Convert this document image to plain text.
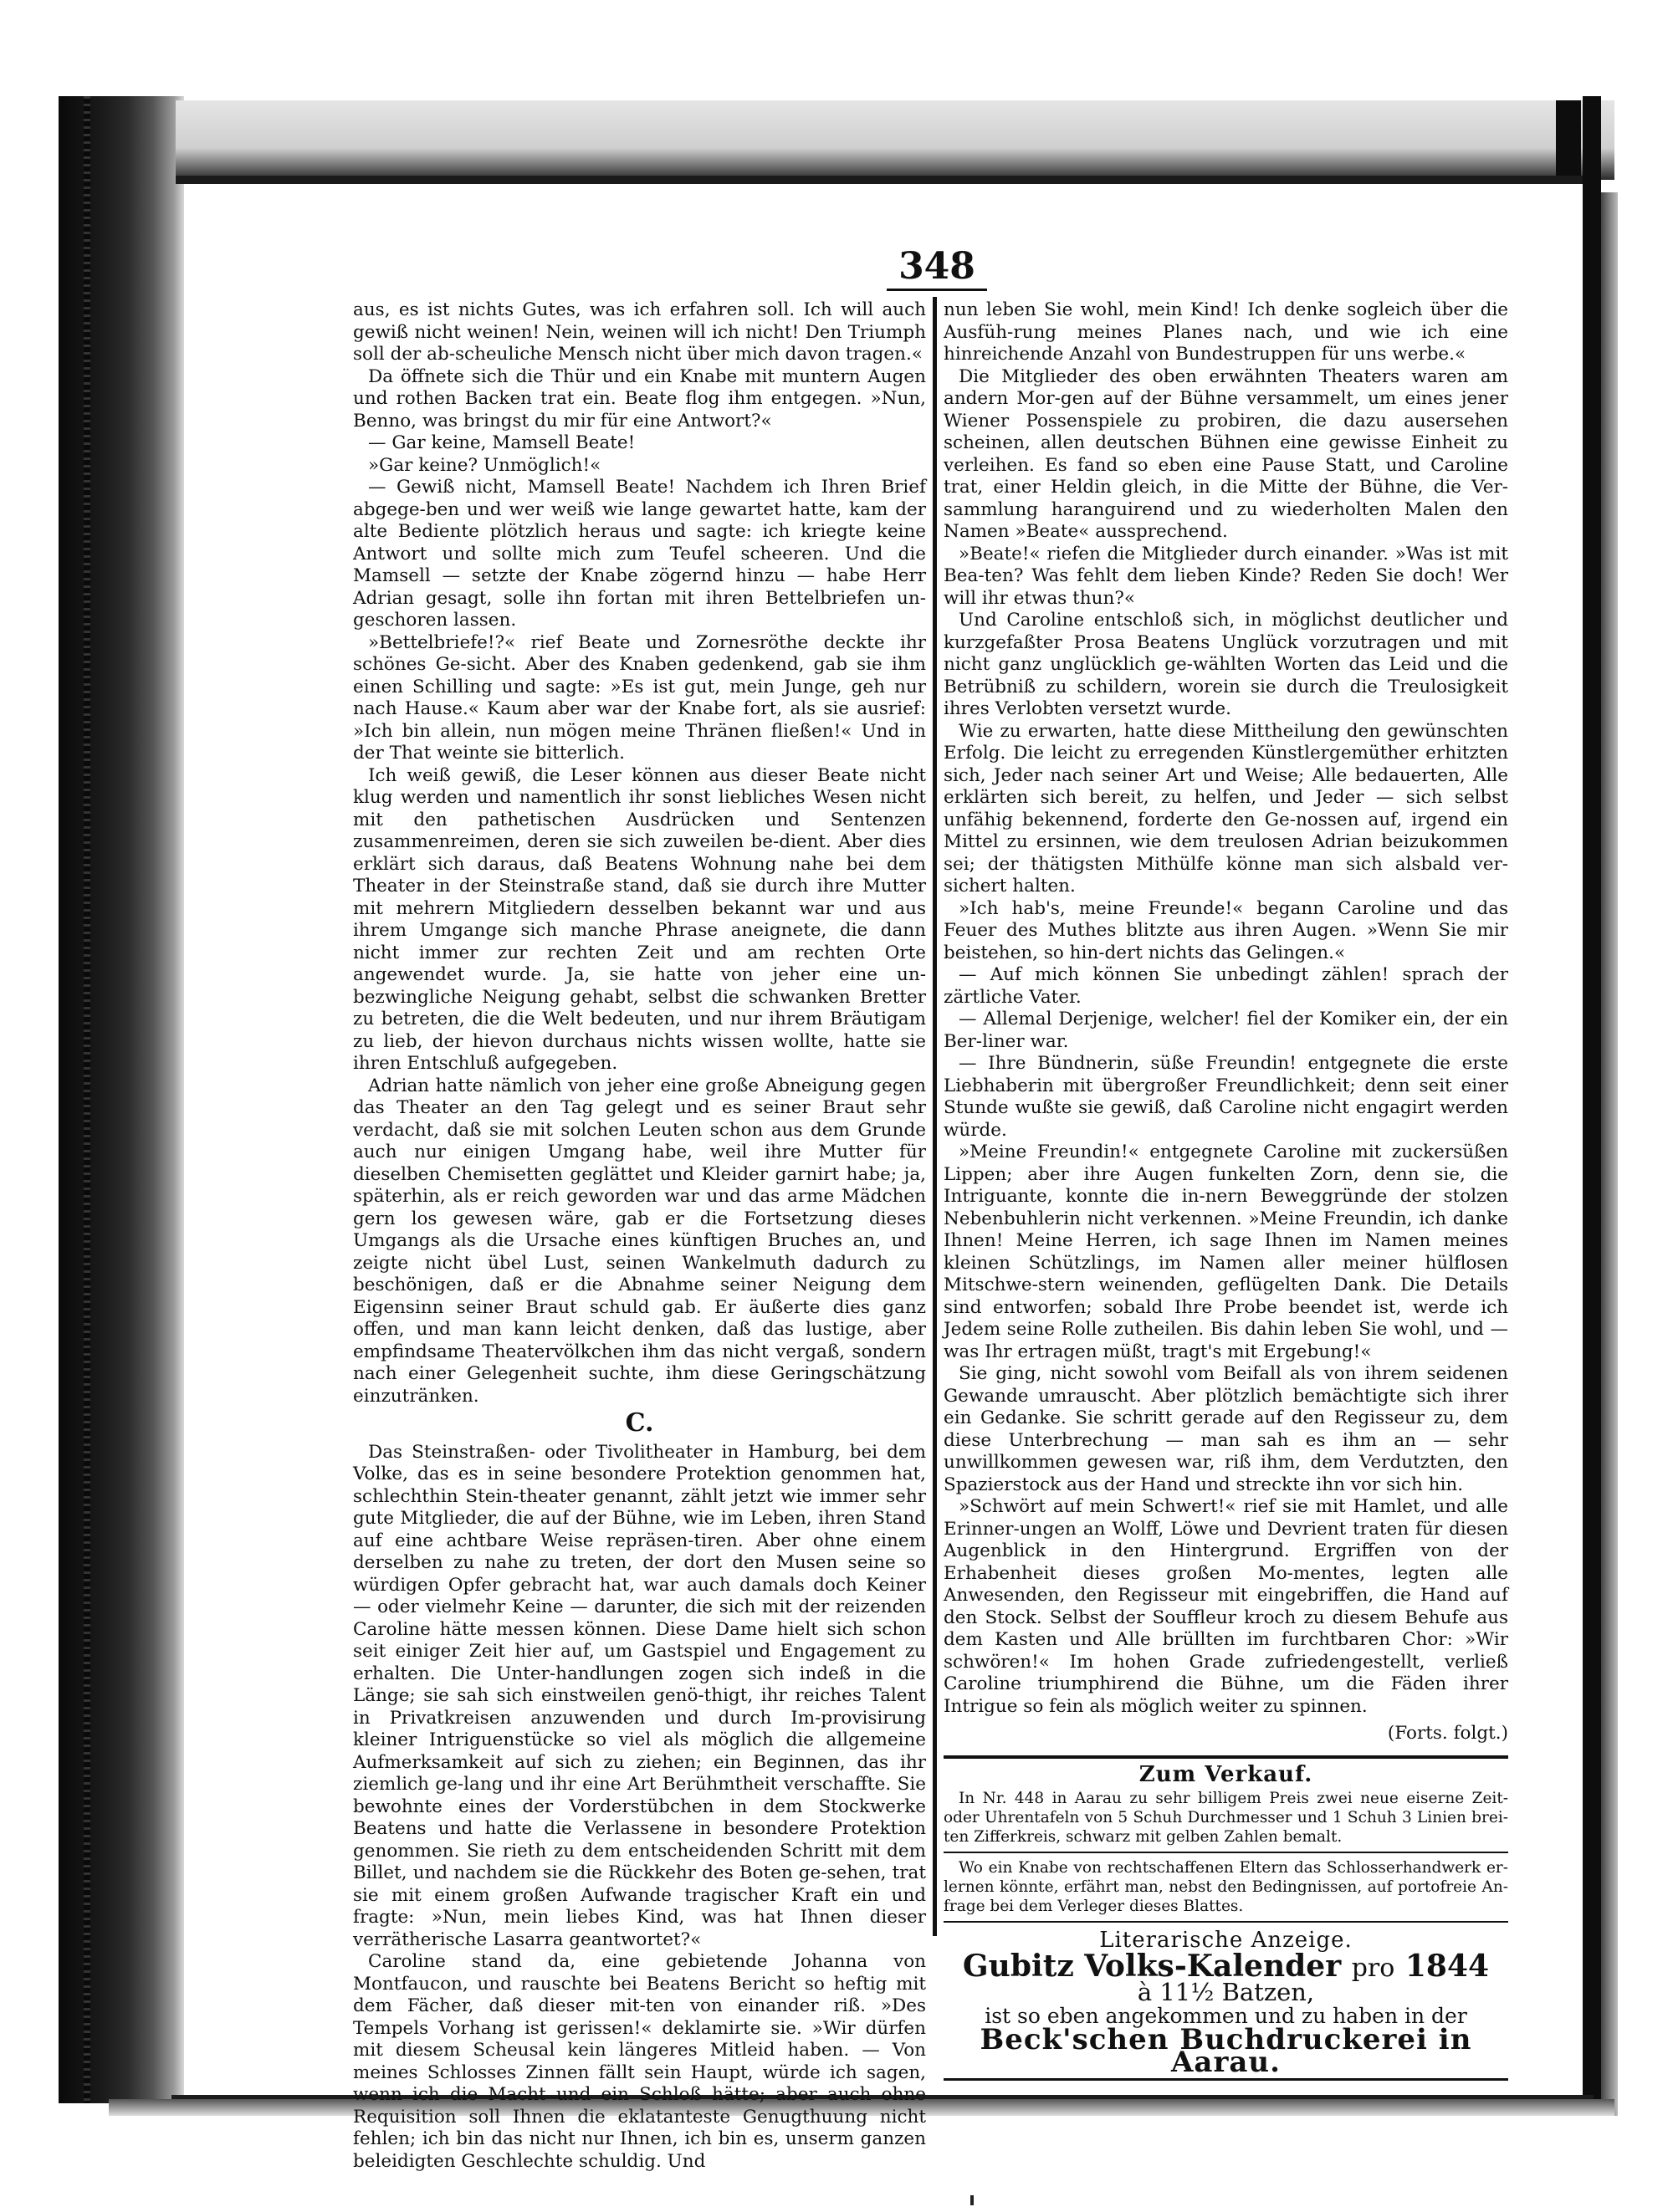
348

aus, es ist nichts Gutes, was ich erfahren soll. Ich will auch gewiß nicht weinen! Nein, weinen will ich nicht! Den Triumph soll der ab-scheuliche Mensch nicht über mich davon tragen.«

Da öffnete sich die Thür und ein Knabe mit muntern Augen und rothen Backen trat ein. Beate flog ihm entgegen. »Nun, Benno, was bringst du mir für eine Antwort?«

— Gar keine, Mamsell Beate!

»Gar keine? Unmöglich!«

— Gewiß nicht, Mamsell Beate! Nachdem ich Ihren Brief abgege-ben und wer weiß wie lange gewartet hatte, kam der alte Bediente plötzlich heraus und sagte: ich kriegte keine Antwort und sollte mich zum Teufel scheeren. Und die Mamsell — setzte der Knabe zögernd hinzu — habe Herr Adrian gesagt, solle ihn fortan mit ihren Bettelbriefen un-geschoren lassen.

»Bettelbriefe!?« rief Beate und Zornesröthe deckte ihr schönes Ge-sicht. Aber des Knaben gedenkend, gab sie ihm einen Schilling und sagte: »Es ist gut, mein Junge, geh nur nach Hause.« Kaum aber war der Knabe fort, als sie ausrief: »Ich bin allein, nun mögen meine Thränen fließen!« Und in der That weinte sie bitterlich.

Ich weiß gewiß, die Leser können aus dieser Beate nicht klug werden und namentlich ihr sonst liebliches Wesen nicht mit den pathetischen Ausdrücken und Sentenzen zusammenreimen, deren sie sich zuweilen be-dient. Aber dies erklärt sich daraus, daß Beatens Wohnung nahe bei dem Theater in der Steinstraße stand, daß sie durch ihre Mutter mit mehrern Mitgliedern desselben bekannt war und aus ihrem Umgange sich manche Phrase aneignete, die dann nicht immer zur rechten Zeit und am rechten Orte angewendet wurde. Ja, sie hatte von jeher eine un-bezwingliche Neigung gehabt, selbst die schwanken Bretter zu betreten, die die Welt bedeuten, und nur ihrem Bräutigam zu lieb, der hievon durchaus nichts wissen wollte, hatte sie ihren Entschluß aufgegeben.

Adrian hatte nämlich von jeher eine große Abneigung gegen das Theater an den Tag gelegt und es seiner Braut sehr verdacht, daß sie mit solchen Leuten schon aus dem Grunde auch nur einigen Umgang habe, weil ihre Mutter für dieselben Chemisetten geglättet und Kleider garnirt habe; ja, späterhin, als er reich geworden war und das arme Mädchen gern los gewesen wäre, gab er die Fortsetzung dieses Umgangs als die Ursache eines künftigen Bruches an, und zeigte nicht übel Lust, seinen Wankelmuth dadurch zu beschönigen, daß er die Abnahme seiner Neigung dem Eigensinn seiner Braut schuld gab. Er äußerte dies ganz offen, und man kann leicht denken, daß das lustige, aber empfindsame Theatervölkchen ihm das nicht vergaß, sondern nach einer Gelegenheit suchte, ihm diese Geringschätzung einzutränken.

C.

Das Steinstraßen- oder Tivolitheater in Hamburg, bei dem Volke, das es in seine besondere Protektion genommen hat, schlechthin Stein-theater genannt, zählt jetzt wie immer sehr gute Mitglieder, die auf der Bühne, wie im Leben, ihren Stand auf eine achtbare Weise repräsen-tiren. Aber ohne einem derselben zu nahe zu treten, der dort den Musen seine so würdigen Opfer gebracht hat, war auch damals doch Keiner — oder vielmehr Keine — darunter, die sich mit der reizenden Caroline hätte messen können. Diese Dame hielt sich schon seit einiger Zeit hier auf, um Gastspiel und Engagement zu erhalten. Die Unter-handlungen zogen sich indeß in die Länge; sie sah sich einstweilen genö-thigt, ihr reiches Talent in Privatkreisen anzuwenden und durch Im-provisirung kleiner Intriguenstücke so viel als möglich die allgemeine Aufmerksamkeit auf sich zu ziehen; ein Beginnen, das ihr ziemlich ge-lang und ihr eine Art Berühmtheit verschaffte. Sie bewohnte eines der Vorderstübchen in dem Stockwerke Beatens und hatte die Verlassene in besondere Protektion genommen. Sie rieth zu dem entscheidenden Schritt mit dem Billet, und nachdem sie die Rückkehr des Boten ge-sehen, trat sie mit einem großen Aufwande tragischer Kraft ein und fragte: »Nun, mein liebes Kind, was hat Ihnen dieser verrätherische Lasarra geantwortet?«

Caroline stand da, eine gebietende Johanna von Montfaucon, und rauschte bei Beatens Bericht so heftig mit dem Fächer, daß dieser mit-ten von einander riß. »Des Tempels Vorhang ist gerissen!« deklamirte sie. »Wir dürfen mit diesem Scheusal kein längeres Mitleid haben. — Von meines Schlosses Zinnen fällt sein Haupt, würde ich sagen, wenn ich die Macht und ein Schloß hätte; aber auch ohne Requisition soll Ihnen die eklatanteste Genugthuung nicht fehlen; ich bin das nicht nur Ihnen, ich bin es, unserm ganzen beleidigten Geschlechte schuldig. Und

nun leben Sie wohl, mein Kind! Ich denke sogleich über die Ausfüh-rung meines Planes nach, und wie ich eine hinreichende Anzahl von Bundestruppen für uns werbe.«

Die Mitglieder des oben erwähnten Theaters waren am andern Mor-gen auf der Bühne versammelt, um eines jener Wiener Possenspiele zu probiren, die dazu ausersehen scheinen, allen deutschen Bühnen eine gewisse Einheit zu verleihen. Es fand so eben eine Pause Statt, und Caroline trat, einer Heldin gleich, in die Mitte der Bühne, die Ver-sammlung haranguirend und zu wiederholten Malen den Namen »Beate« aussprechend.

»Beate!« riefen die Mitglieder durch einander. »Was ist mit Bea-ten? Was fehlt dem lieben Kinde? Reden Sie doch! Wer will ihr etwas thun?«

Und Caroline entschloß sich, in möglichst deutlicher und kurzgefaßter Prosa Beatens Unglück vorzutragen und mit nicht ganz unglücklich ge-wählten Worten das Leid und die Betrübniß zu schildern, worein sie durch die Treulosigkeit ihres Verlobten versetzt wurde.

Wie zu erwarten, hatte diese Mittheilung den gewünschten Erfolg. Die leicht zu erregenden Künstlergemüther erhitzten sich, Jeder nach seiner Art und Weise; Alle bedauerten, Alle erklärten sich bereit, zu helfen, und Jeder — sich selbst unfähig bekennend, forderte den Ge-nossen auf, irgend ein Mittel zu ersinnen, wie dem treulosen Adrian beizukommen sei; der thätigsten Mithülfe könne man sich alsbald ver-sichert halten.

»Ich hab's, meine Freunde!« begann Caroline und das Feuer des Muthes blitzte aus ihren Augen. »Wenn Sie mir beistehen, so hin-dert nichts das Gelingen.«

— Auf mich können Sie unbedingt zählen! sprach der zärtliche Vater.

— Allemal Derjenige, welcher! fiel der Komiker ein, der ein Ber-liner war.

— Ihre Bündnerin, süße Freundin! entgegnete die erste Liebhaberin mit übergroßer Freundlichkeit; denn seit einer Stunde wußte sie gewiß, daß Caroline nicht engagirt werden würde.

»Meine Freundin!« entgegnete Caroline mit zuckersüßen Lippen; aber ihre Augen funkelten Zorn, denn sie, die Intriguante, konnte die in-nern Beweggründe der stolzen Nebenbuhlerin nicht verkennen. »Meine Freundin, ich danke Ihnen! Meine Herren, ich sage Ihnen im Namen meines kleinen Schützlings, im Namen aller meiner hülflosen Mitschwe-stern weinenden, geflügelten Dank. Die Details sind entworfen; sobald Ihre Probe beendet ist, werde ich Jedem seine Rolle zutheilen. Bis dahin leben Sie wohl, und — was Ihr ertragen müßt, tragt's mit Ergebung!«

Sie ging, nicht sowohl vom Beifall als von ihrem seidenen Gewande umrauscht. Aber plötzlich bemächtigte sich ihrer ein Gedanke. Sie schritt gerade auf den Regisseur zu, dem diese Unterbrechung — man sah es ihm an — sehr unwillkommen gewesen war, riß ihm, dem Verdutzten, den Spazierstock aus der Hand und streckte ihn vor sich hin.

»Schwört auf mein Schwert!« rief sie mit Hamlet, und alle Erinner-ungen an Wolff, Löwe und Devrient traten für diesen Augenblick in den Hintergrund. Ergriffen von der Erhabenheit dieses großen Mo-mentes, legten alle Anwesenden, den Regisseur mit eingebriffen, die Hand auf den Stock. Selbst der Souffleur kroch zu diesem Behufe aus dem Kasten und Alle brüllten im furchtbaren Chor: »Wir schwören!« Im hohen Grade zufriedengestellt, verließ Caroline triumphirend die Bühne, um die Fäden ihrer Intrigue so fein als möglich weiter zu spinnen.

(Forts. folgt.)

Zum Verkauf.

In Nr. 448 in Aarau zu sehr billigem Preis zwei neue eiserne Zeit- oder Uhrentafeln von 5 Schuh Durchmesser und 1 Schuh 3 Linien brei-ten Zifferkreis, schwarz mit gelben Zahlen bemalt.

Wo ein Knabe von rechtschaffenen Eltern das Schlosserhandwerk er-lernen könnte, erfährt man, nebst den Bedingnissen, auf portofreie An-frage bei dem Verleger dieses Blattes.

Literarische Anzeige.
Gubitz Volks-Kalender pro 1844
à 11½ Batzen,
ist so eben angekommen und zu haben in der
Beck'schen Buchdruckerei in Aarau.
